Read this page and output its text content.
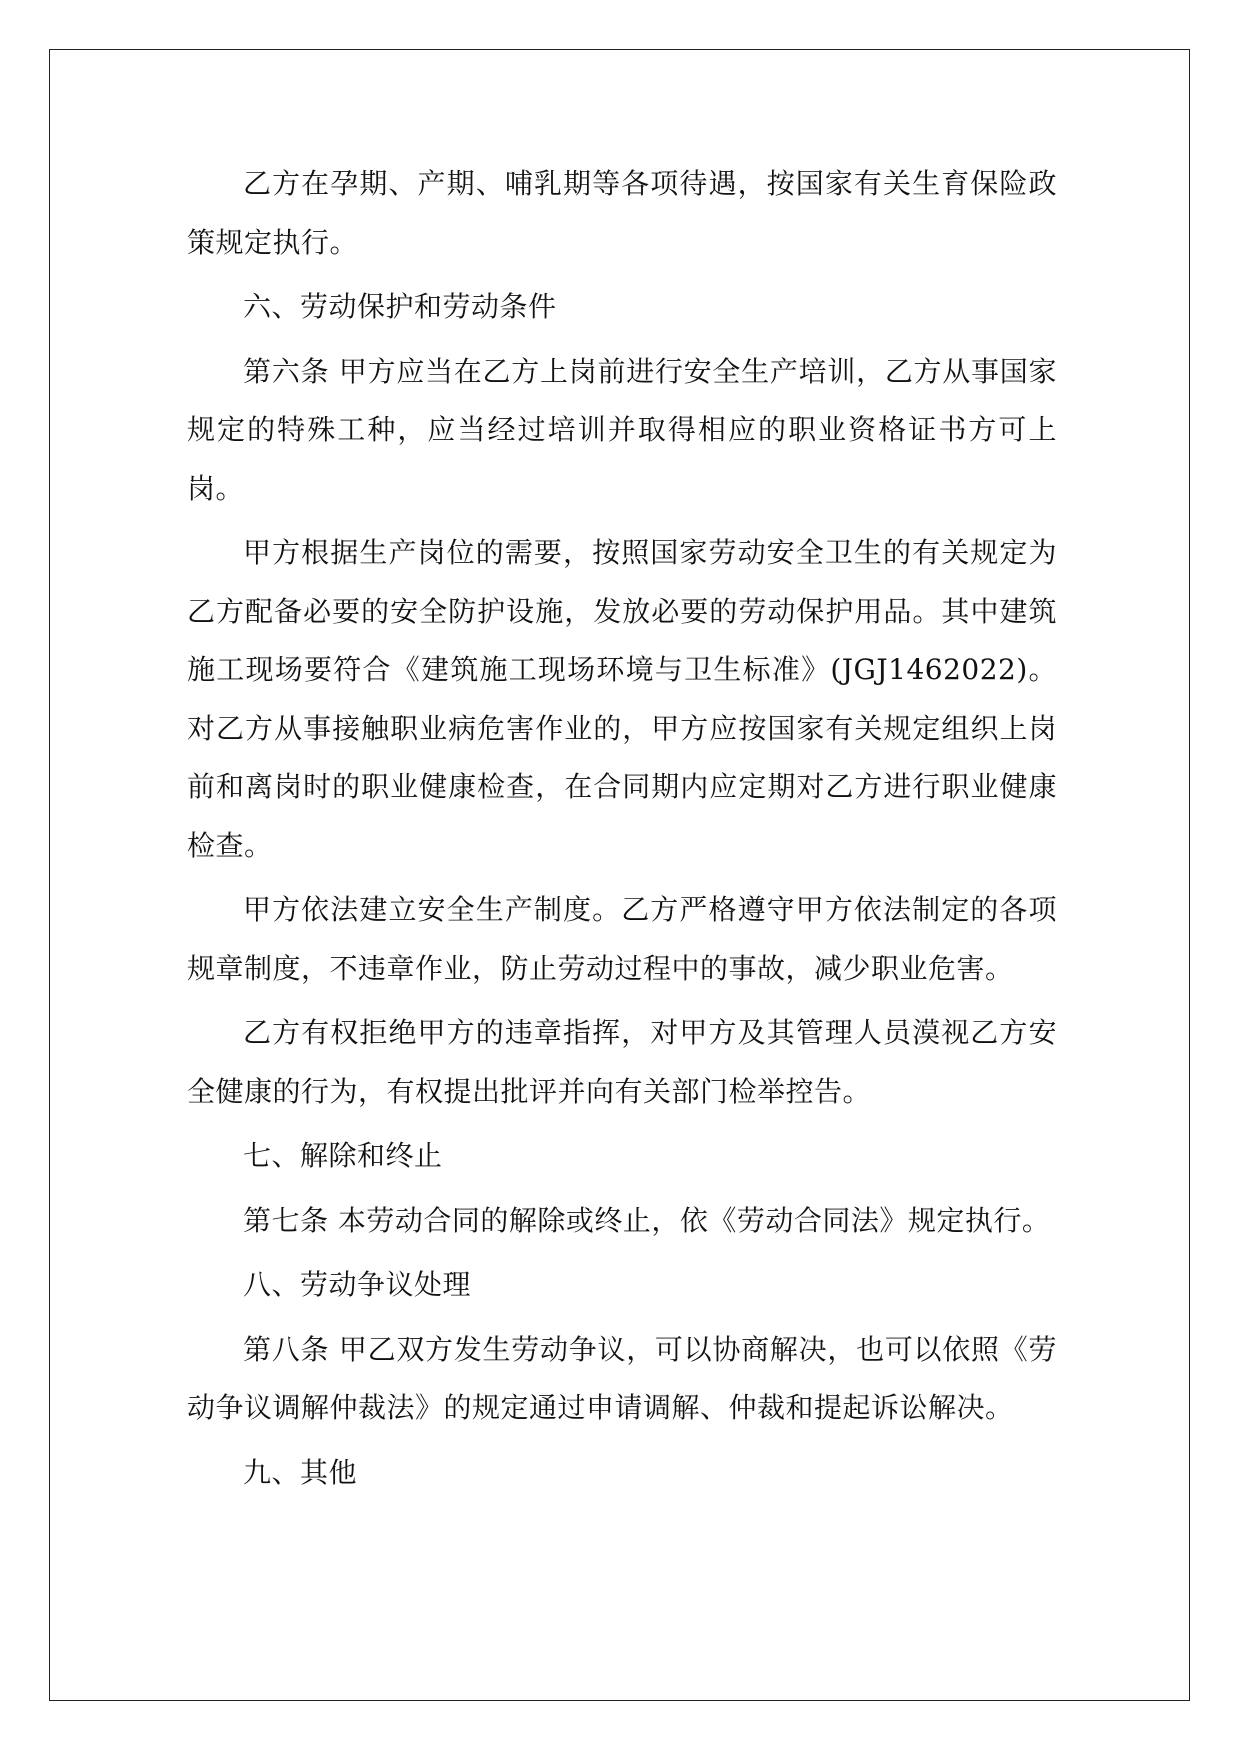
乙方在孕期、产期、哺乳期等各项待遇，按国家有关生育保险政策规定执行。

六、劳动保护和劳动条件

第六条 甲方应当在乙方上岗前进行安全生产培训，乙方从事国家规定的特殊工种，应当经过培训并取得相应的职业资格证书方可上岗。

甲方根据生产岗位的需要，按照国家劳动安全卫生的有关规定为乙方配备必要的安全防护设施，发放必要的劳动保护用品。其中建筑施工现场要符合《建筑施工现场环境与卫生标准》(JGJ1462022)。对乙方从事接触职业病危害作业的，甲方应按国家有关规定组织上岗前和离岗时的职业健康检查，在合同期内应定期对乙方进行职业健康检查。

甲方依法建立安全生产制度。乙方严格遵守甲方依法制定的各项规章制度，不违章作业，防止劳动过程中的事故，减少职业危害。

乙方有权拒绝甲方的违章指挥，对甲方及其管理人员漠视乙方安全健康的行为，有权提出批评并向有关部门检举控告。

七、解除和终止

第七条 本劳动合同的解除或终止，依《劳动合同法》规定执行。

八、劳动争议处理

第八条 甲乙双方发生劳动争议，可以协商解决，也可以依照《劳动争议调解仲裁法》的规定通过申请调解、仲裁和提起诉讼解决。

九、其他
